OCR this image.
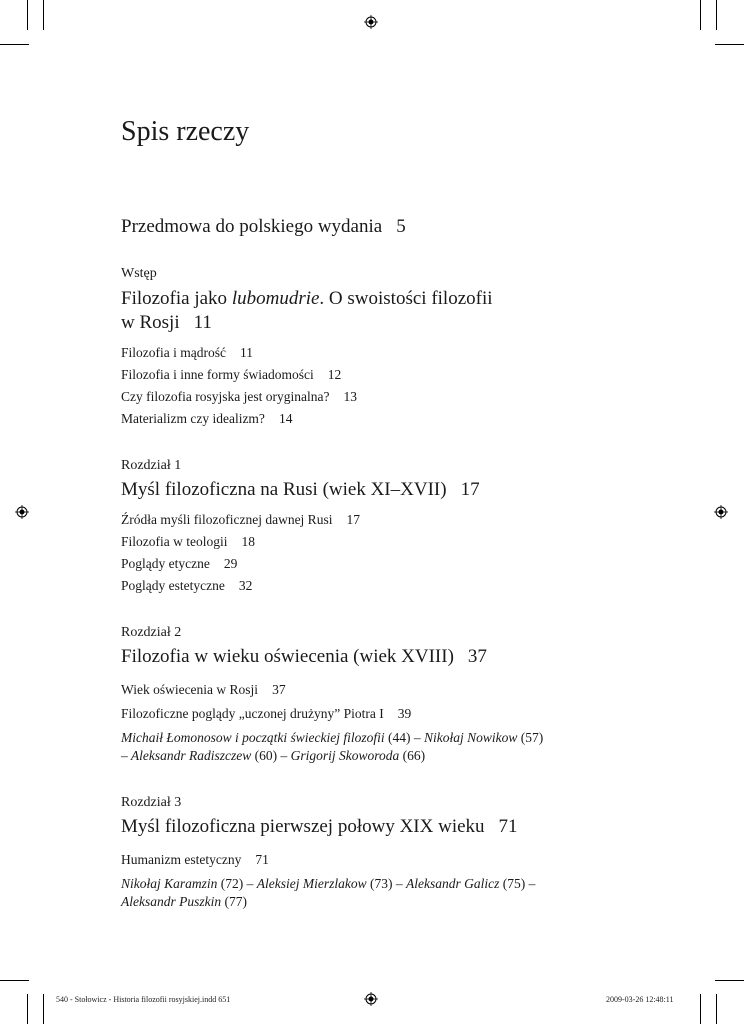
Spis rzeczy
Przedmowa do polskiego wydania 5
Wstęp
Filozofia jako lubomudrie. O swoistości filozofii
w Rosji 11
Filozofia i mądrość 11
Filozofia i inne formy świadomości 12
Czy filozofia rosyjska jest oryginalna? 13
Materializm czy idealizm? 14
Rozdział 1
Myśl filozoficzna na Rusi (wiek XI–XVII) 17
Źródła myśli filozoficznej dawnej Rusi 17
Filozofia w teologii 18
Poglądy etyczne 29
Poglądy estetyczne 32
Rozdział 2
Filozofia w wieku oświecenia (wiek XVIII) 37
Wiek oświecenia w Rosji 37
Filozoficzne poglądy „uczonej drużyny” Piotra I 39
Michaił Łomonosow i początki świeckiej filozofii (44) – Nikołaj Nowikow (57)
– Aleksandr Radiszczew (60) – Grigorij Skoworoda (66)
Rozdział 3
Myśl filozoficzna pierwszej połowy XIX wieku 71
Humanizm estetyczny 71
Nikołaj Karamzin (72) – Aleksiej Mierzlakow (73) – Aleksandr Galicz (75) –
Aleksandr Puszkin (77)
540 - Stołowicz - Historia filozofii rosyjskiej.indd 651	2009-03-26 12:48:11
